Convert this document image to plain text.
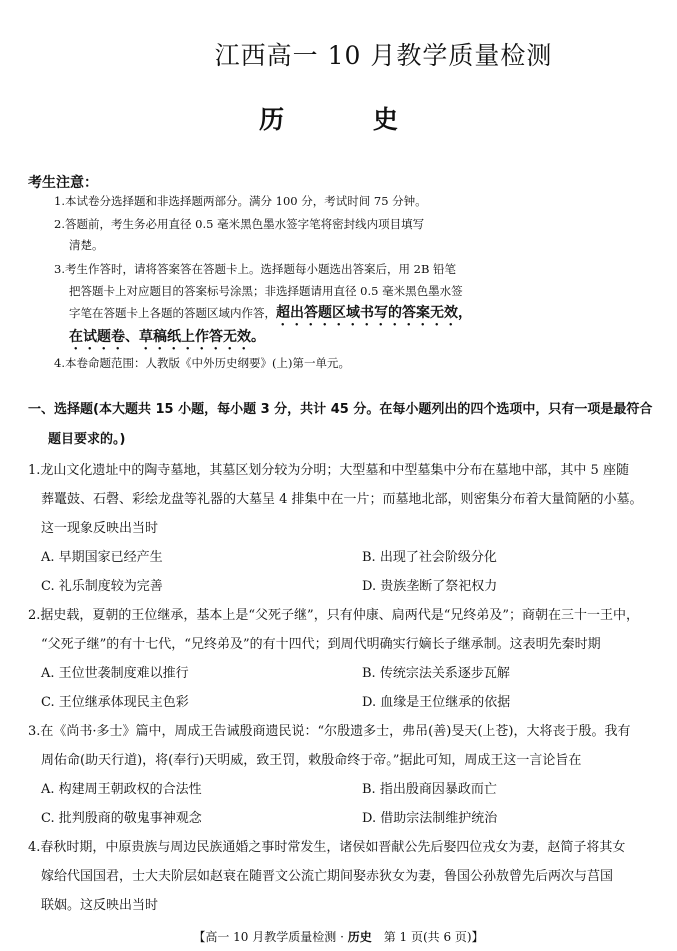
江西高一 10 月教学质量检测
历 史
考生注意：
1.本试卷分选择题和非选择题两部分。满分 100 分，考试时间 75 分钟。
2.答题前，考生务必用直径 0.5 毫米黑色墨水签字笔将密封线内项目填写
清楚。
3.考生作答时，请将答案答在答题卡上。选择题每小题选出答案后，用 2B 铅笔
把答题卡上对应题目的答案标号涂黑；非选择题请用直径 0.5 毫米黑色墨水签
字笔在答题卡上各题的答题区域内作答，超出答题区域书写的答案无效，
在试题卷、草稿纸上作答无效。
4.本卷命题范围：人教版《中外历史纲要》(上)第一单元。
一、选择题(本大题共 15 小题，每小题 3 分，共计 45 分。在每小题列出的四个选项中，只有一项是最符合
题目要求的。)
1.龙山文化遗址中的陶寺墓地，其墓区划分较为分明；大型墓和中型墓集中分布在墓地中部，其中 5 座随
葬鼍鼓、石磬、彩绘龙盘等礼器的大墓呈 4 排集中在一片；而墓地北部，则密集分布着大量简陋的小墓。
这一现象反映出当时
A. 早期国家已经产生	B. 出现了社会阶级分化
C. 礼乐制度较为完善	D. 贵族垄断了祭祀权力
2.据史载，夏朝的王位继承，基本上是“父死子继”，只有仲康、扃两代是“兄终弟及”；商朝在三十一王中，
“父死子继”的有十七代，“兄终弟及”的有十四代；到周代明确实行嫡长子继承制。这表明先秦时期
A. 王位世袭制度难以推行	B. 传统宗法关系逐步瓦解
C. 王位继承体现民主色彩	D. 血缘是王位继承的依据
3.在《尚书·多士》篇中，周成王告诫殷商遗民说：“尔殷遗多士，弗吊(善)旻天(上苍)，大将丧于殷。我有
周佑命(助天行道)，将(奉行)天明威，致王罚，敕殷命终于帝。”据此可知，周成王这一言论旨在
A. 构建周王朝政权的合法性	B. 指出殷商因暴政而亡
C. 批判殷商的敬鬼事神观念	D. 借助宗法制维护统治
4.春秋时期，中原贵族与周边民族通婚之事时常发生，诸侯如晋献公先后娶四位戎女为妻，赵简子将其女
嫁给代国国君，士大夫阶层如赵衰在随晋文公流亡期间娶赤狄女为妻，鲁国公孙敖曾先后两次与莒国
联姻。这反映出当时
【高一 10 月教学质量检测 · 历史　第 1 页(共 6 页)】
